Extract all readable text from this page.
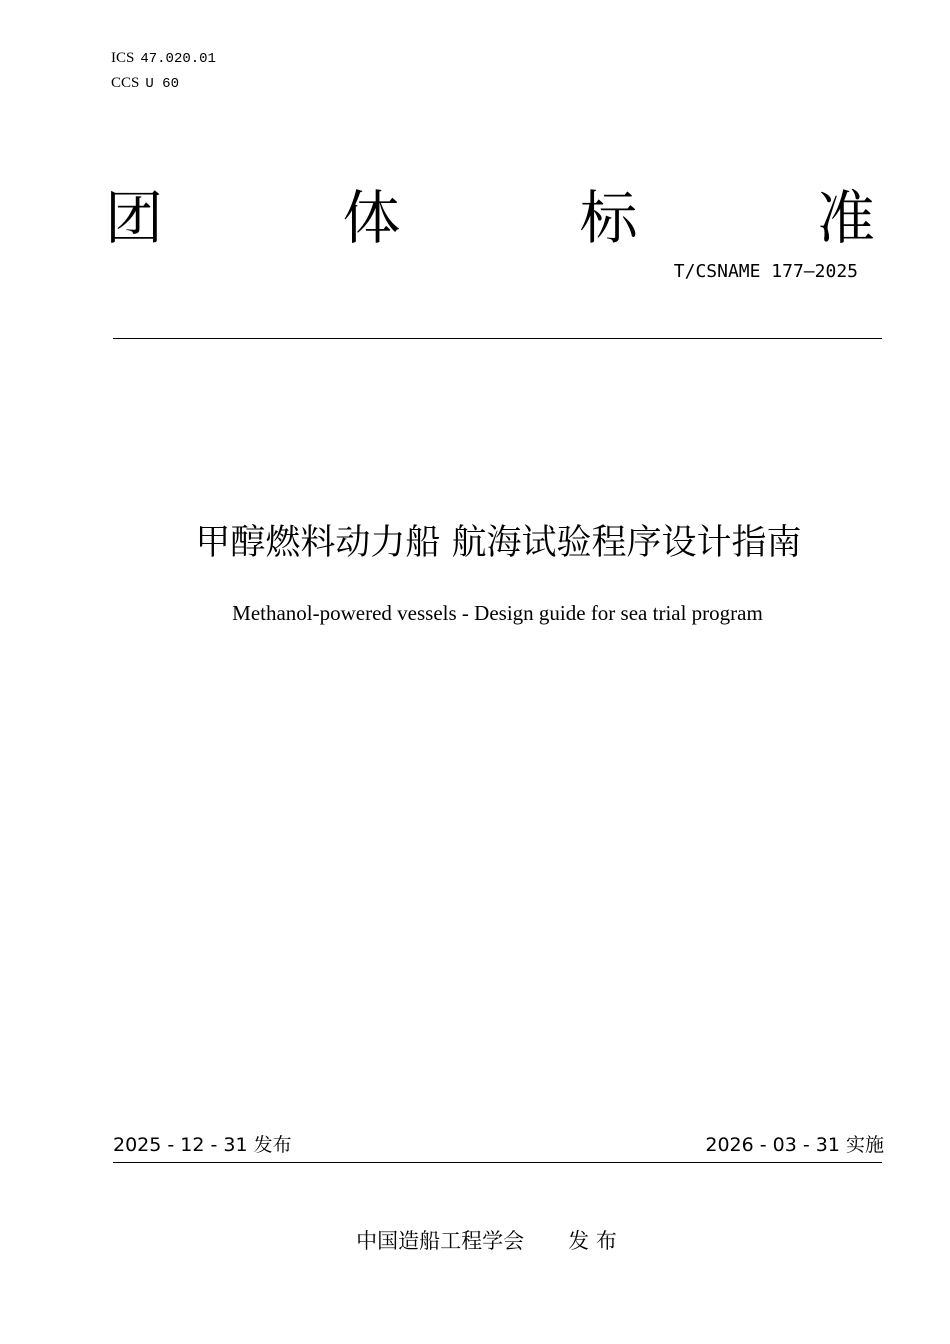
ICS 47.020.01
CCS U 60
团	体	标	准
T/CSNAME 177—2025
甲醇燃料动力船 航海试验程序设计指南
Methanol-powered vessels - Design guide for sea trial program
2025 - 12 - 31 发布	2026 - 03 - 31 实施
中国造船工程学会 发 布
